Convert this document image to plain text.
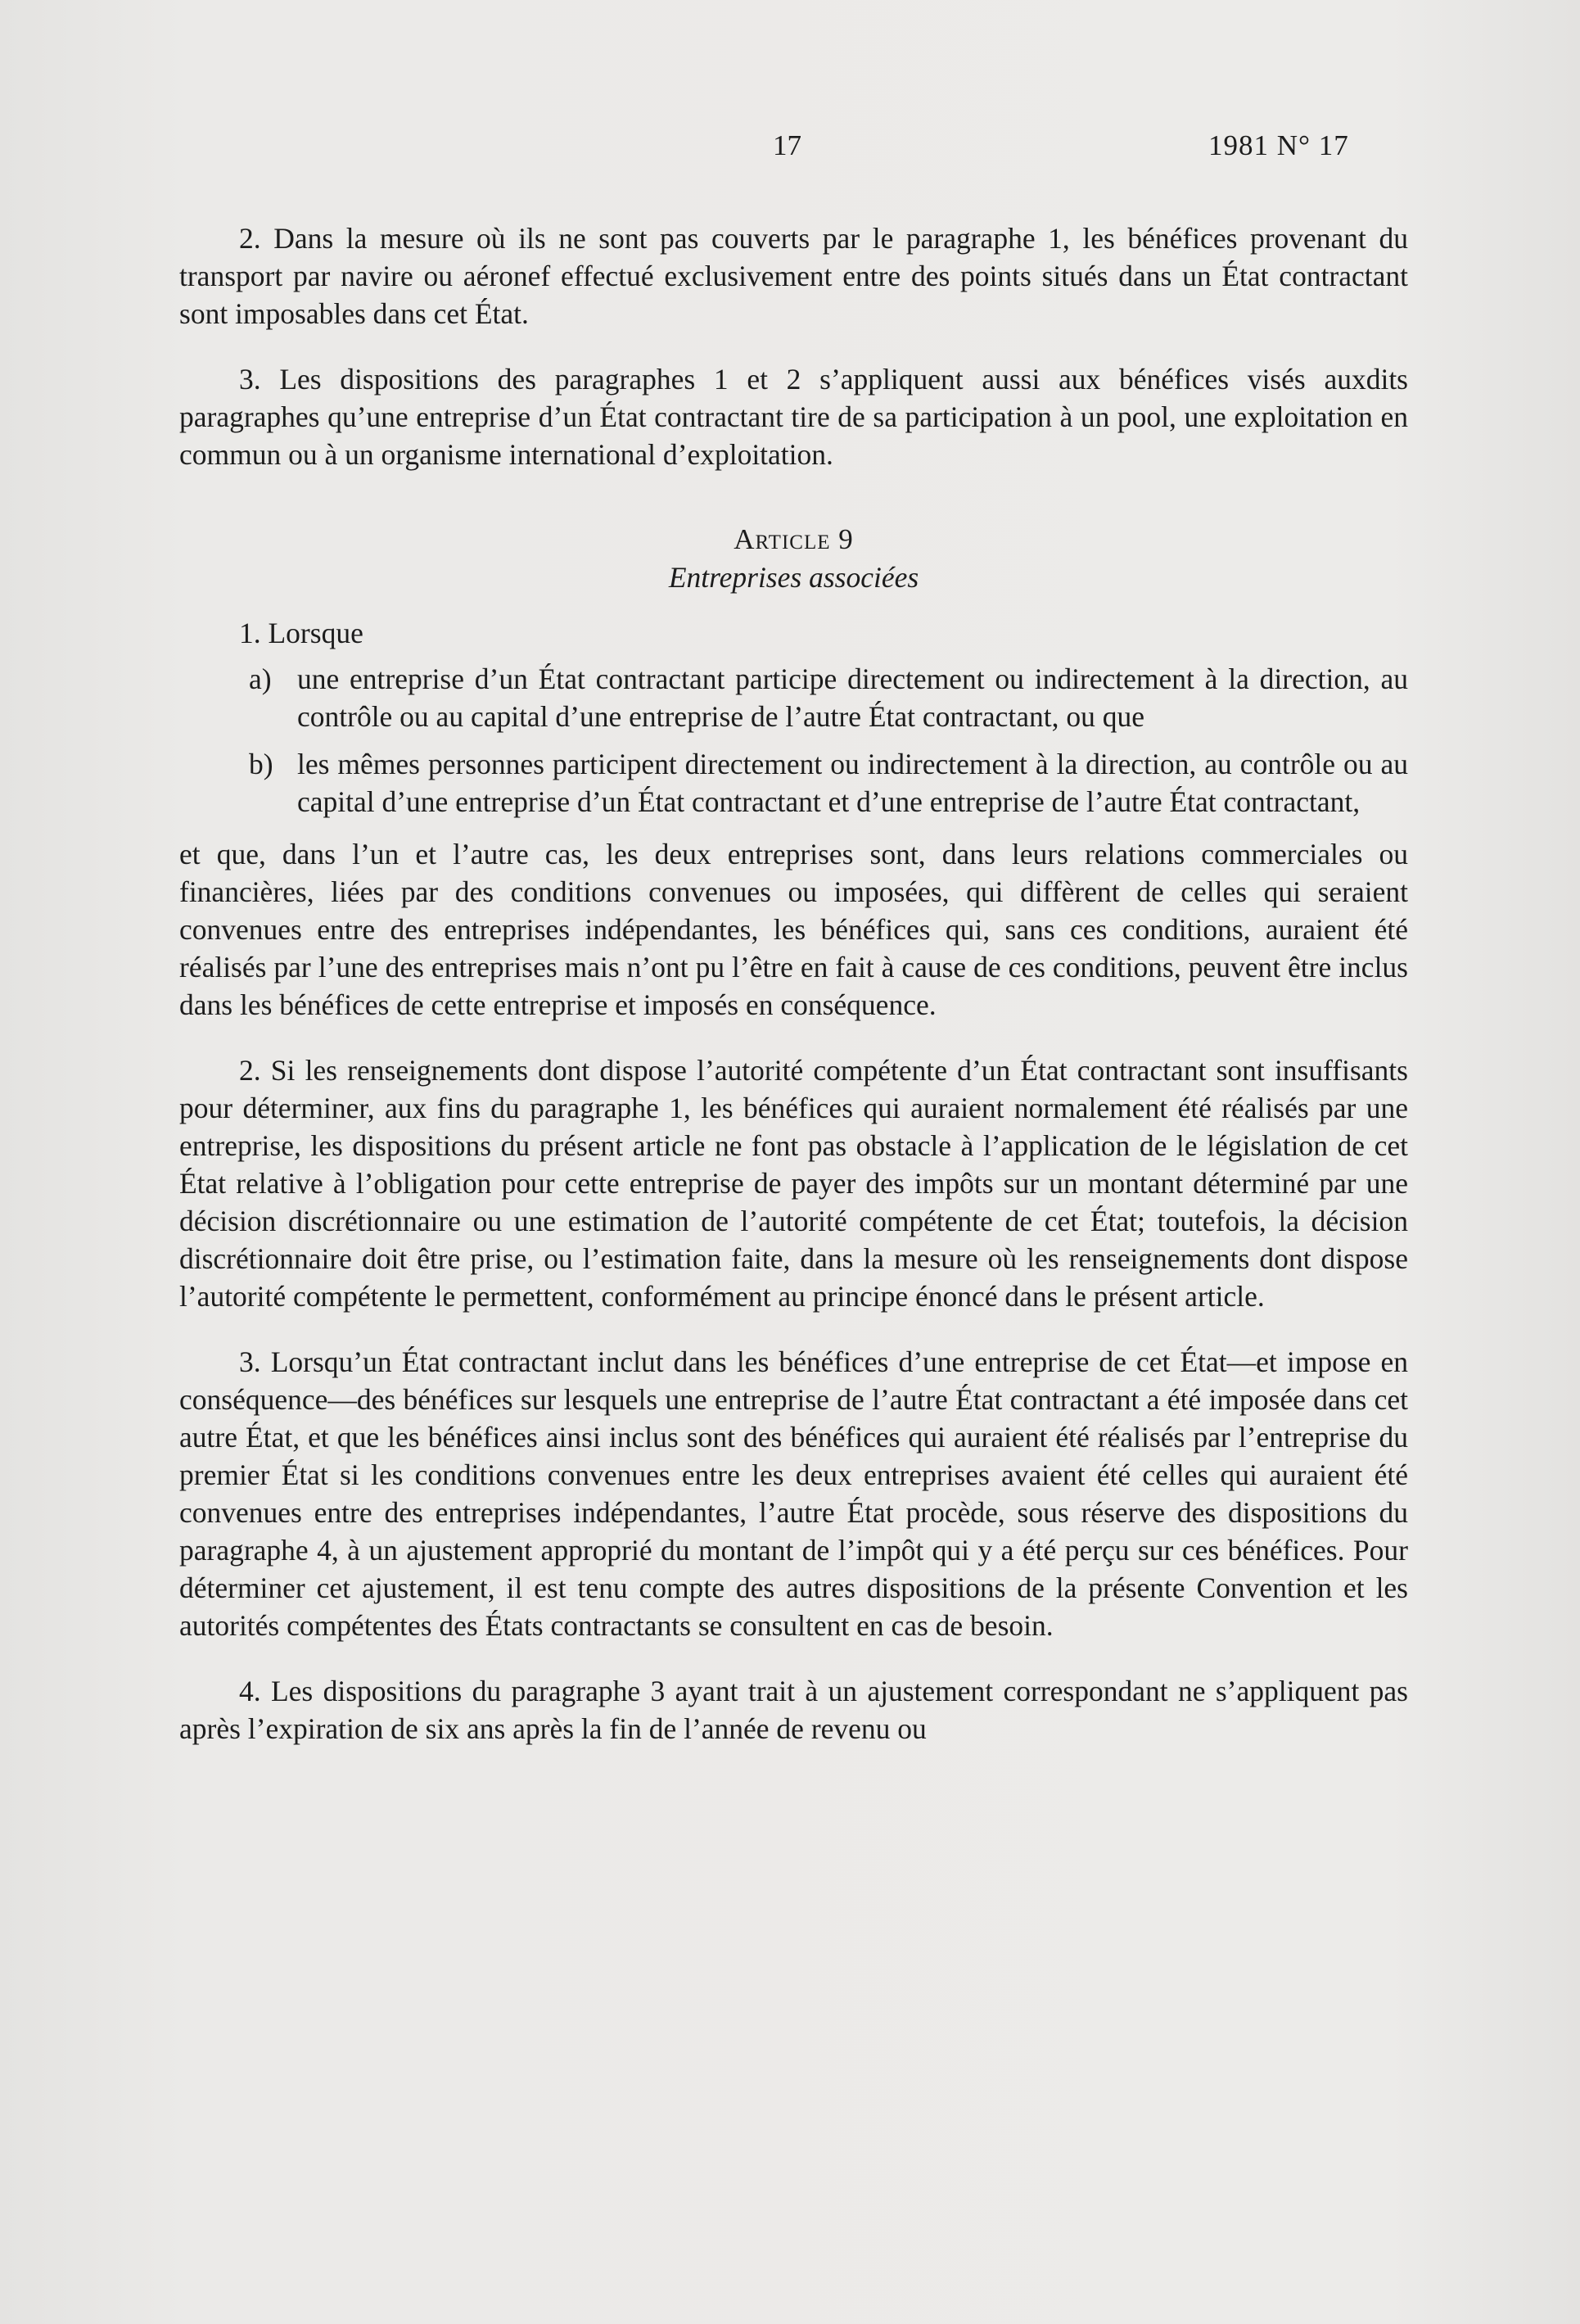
17	1981 N° 17

2. Dans la mesure où ils ne sont pas couverts par le paragraphe 1, les bénéfices provenant du transport par navire ou aéronef effectué exclusivement entre des points situés dans un État contractant sont imposables dans cet État.

3. Les dispositions des paragraphes 1 et 2 s’appliquent aussi aux bénéfices visés auxdits paragraphes qu’une entreprise d’un État contractant tire de sa participation à un pool, une exploitation en commun ou à un organisme international d’exploitation.

Article 9
Entreprises associées

1. Lorsque

a) une entreprise d’un État contractant participe directement ou indirectement à la direction, au contrôle ou au capital d’une entreprise de l’autre État contractant, ou que
b) les mêmes personnes participent directement ou indirectement à la direction, au contrôle ou au capital d’une entreprise d’un État contractant et d’une entreprise de l’autre État contractant,

et que, dans l’un et l’autre cas, les deux entreprises sont, dans leurs relations commerciales ou financières, liées par des conditions convenues ou imposées, qui diffèrent de celles qui seraient convenues entre des entreprises indépendantes, les bénéfices qui, sans ces conditions, auraient été réalisés par l’une des entreprises mais n’ont pu l’être en fait à cause de ces conditions, peuvent être inclus dans les bénéfices de cette entreprise et imposés en conséquence.

2. Si les renseignements dont dispose l’autorité compétente d’un État contractant sont insuffisants pour déterminer, aux fins du paragraphe 1, les bénéfices qui auraient normalement été réalisés par une entreprise, les dispositions du présent article ne font pas obstacle à l’application de le législation de cet État relative à l’obligation pour cette entreprise de payer des impôts sur un montant déterminé par une décision discrétionnaire ou une estimation de l’autorité compétente de cet État; toutefois, la décision discrétionnaire doit être prise, ou l’estimation faite, dans la mesure où les renseignements dont dispose l’autorité compétente le permettent, conformément au principe énoncé dans le présent article.

3. Lorsqu’un État contractant inclut dans les bénéfices d’une entreprise de cet État—et impose en conséquence—des bénéfices sur lesquels une entreprise de l’autre État contractant a été imposée dans cet autre État, et que les bénéfices ainsi inclus sont des bénéfices qui auraient été réalisés par l’entreprise du premier État si les conditions convenues entre les deux entreprises avaient été celles qui auraient été convenues entre des entreprises indépendantes, l’autre État procède, sous réserve des dispositions du paragraphe 4, à un ajustement approprié du montant de l’impôt qui y a été perçu sur ces bénéfices. Pour déterminer cet ajustement, il est tenu compte des autres dispositions de la présente Convention et les autorités compétentes des États contractants se consultent en cas de besoin.

4. Les dispositions du paragraphe 3 ayant trait à un ajustement correspondant ne s’appliquent pas après l’expiration de six ans après la fin de l’année de revenu ou
